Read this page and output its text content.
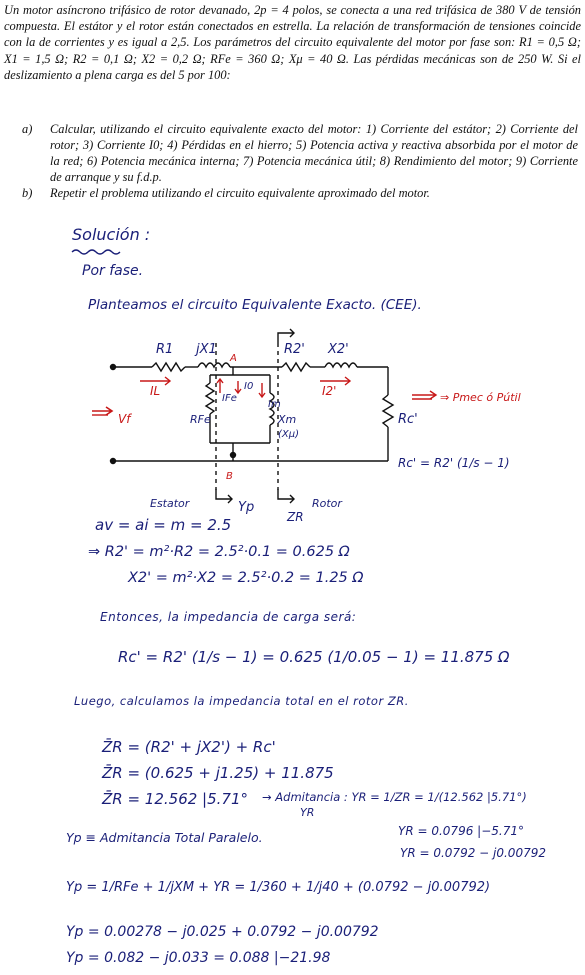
Un motor asíncrono trifásico de rotor devanado, 2p = 4 polos, se conecta a una red trifásica de 380 V de tensión compuesta. El estátor y el rotor están conectados en estrella. La relación de transformación de tensiones coincide con la de corrientes y es igual a 2,5. Los parámetros del circuito equivalente del motor por fase son: R1 = 0,5 Ω; X1 = 1,5 Ω; R2 = 0,1 Ω; X2 = 0,2 Ω; RFe = 360 Ω; Xμ = 40 Ω. Las pérdidas mecánicas son de 250 W. Si el deslizamiento a plena carga es del 5 por 100:
a)	Calcular, utilizando el circuito equivalente exacto del motor: 1) Corriente del estátor; 2) Corriente del rotor; 3) Corriente I0; 4) Pérdidas en el hierro; 5) Potencia activa y reactiva absorbida por el motor de la red; 6) Potencia mecánica interna; 7) Potencia mecánica útil; 8) Rendimiento del motor; 9) Corriente de arranque y su f.d.p.
b)	Repetir el problema utilizando el circuito equivalente aproximado del motor.
Solución :
Por fase.
Planteamos el circuito Equivalente Exacto. (CEE).
R1 jX1	R2' X2'
IFe
I0
Im
RFe	Xm
(Xμ)
Rc'
⇒ Pmec ó Pútil
Rc' = R2' (1/s − 1)
Estator	Yp	Rotor
ZR
A
B
IL	I2'
Vf
av = ai = m = 2.5
⇒ R2' = m²·R2 = 2.5²·0.1 = 0.625 Ω
X2' = m²·X2 = 2.5²·0.2 = 1.25 Ω
Entonces, la impedancia de carga será:
Rc' = R2' (1/s − 1) = 0.625 (1/0.05 − 1) = 11.875 Ω
Luego, calculamos la impedancia total en el rotor ZR.
Z̄R = (R2' + jX2') + Rc'
Z̄R = (0.625 + j1.25) + 11.875
Z̄R = 12.562 |5.71° → Admitancia : YR = 1/ZR = 1/(12.562 |5.71°)
YR
YR = 0.0796 |−5.71°
YR = 0.0792 − j0.00792
Yp ≡ Admitancia Total Paralelo.
Yp = 1/RFe + 1/jXM + YR = 1/360 + 1/j40 + (0.0792 − j0.00792)
Yp = 0.00278 − j0.025 + 0.0792 − j0.00792
Yp = 0.082 − j0.033 = 0.088 |−21.98
